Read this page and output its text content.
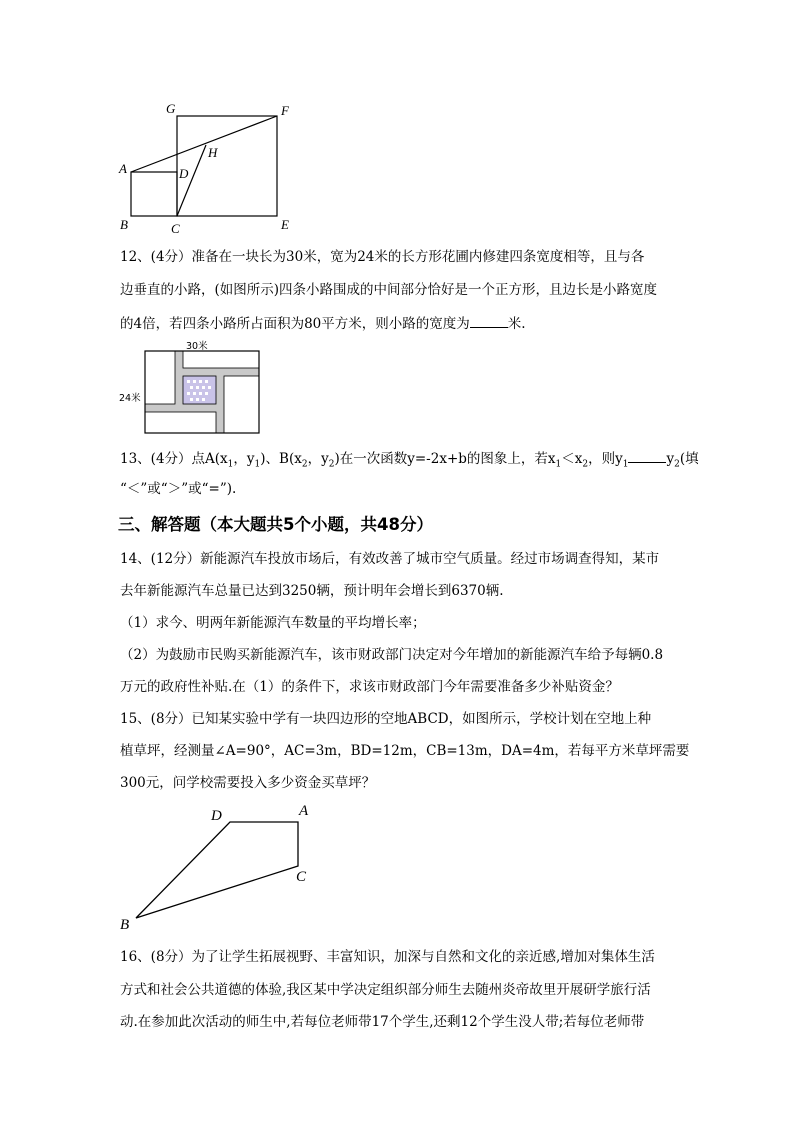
G	F
A	D
H
B	C	E
12、(4分）准备在一块长为30米，宽为24米的长方形花圃内修建四条宽度相等，且与各
边垂直的小路，(如图所示)四条小路围成的中间部分恰好是一个正方形，且边长是小路宽度
的4倍，若四条小路所占面积为80平方米，则小路的宽度为	米.
30米
24米
13、(4分）点$A(x_1$，$y_1$)、$B(x_2$，$y_2$)在一次函数y=-2x+b的图象上，若$x_1<x_2$，则$y_1$	$y_2$(填
“＜”或“＞”或“=”).
三、解答题（本大题共5个小题，共48分）
14、(12分）新能源汽车投放市场后，有效改善了城市空气质量。经过市场调查得知，某市
去年新能源汽车总量已达到3250辆，预计明年会增长到6370辆.
（1）求今、明两年新能源汽车数量的平均增长率；
（2）为鼓励市民购买新能源汽车，该市财政部门决定对今年增加的新能源汽车给予每辆0.8
万元的政府性补贴.在（1）的条件下，求该市财政部门今年需要准备多少补贴资金？
15、(8分）已知某实验中学有一块四边形的空地ABCD，如图所示，学校计划在空地上种
植草坪，经测量∠A=90°，AC=3m，BD=12m，CB=13m，DA=4m，若每平方米草坪需要
300元，问学校需要投入多少资金买草坪？
D	A
C
B
16、(8分）为了让学生拓展视野、丰富知识，加深与自然和文化的亲近感,增加对集体生活
方式和社会公共道德的体验,我区某中学决定组织部分师生去随州炎帝故里开展研学旅行活
动.在参加此次活动的师生中,若每位老师带17个学生,还剩12个学生没人带;若每位老师带
